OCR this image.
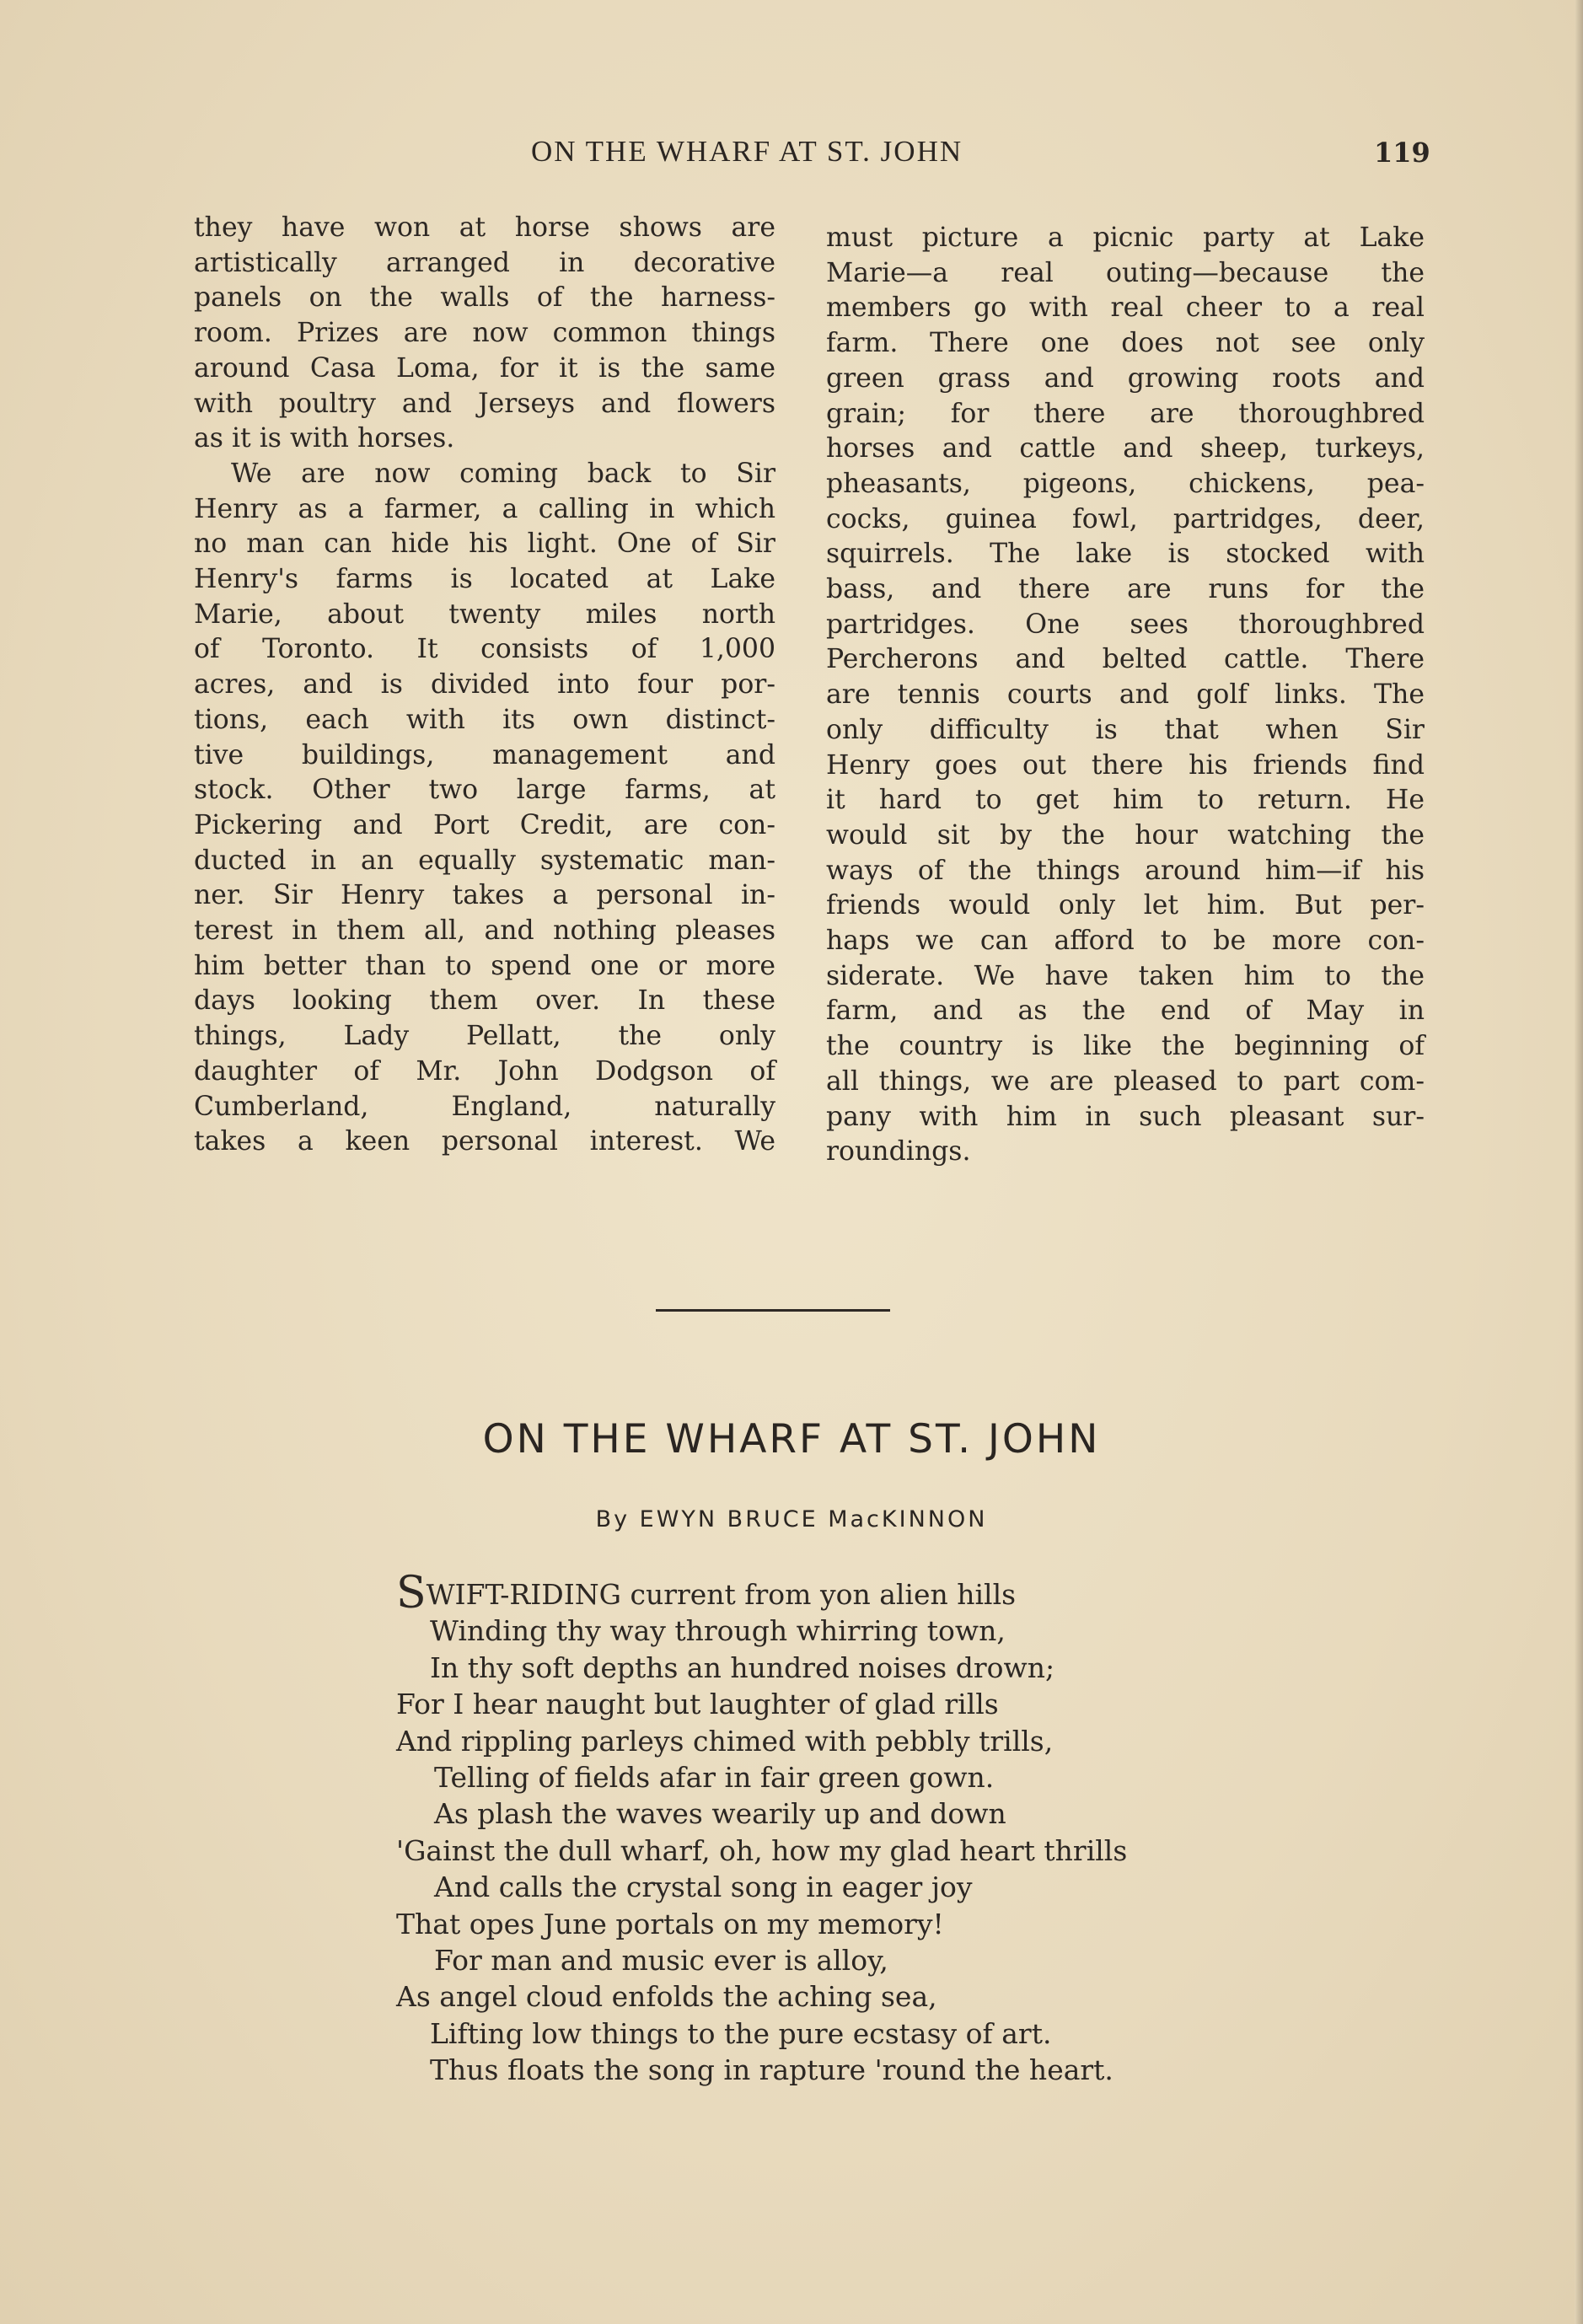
ON THE WHARF AT ST. JOHN	119
they have won at horse shows are
artistically arranged in decorative
panels on the walls of the harness-
room. Prizes are now common things
around Casa Loma, for it is the same
with poultry and Jerseys and flowers
as it is with horses.
We are now coming back to Sir
Henry as a farmer, a calling in which
no man can hide his light. One of Sir
Henry's farms is located at Lake
Marie, about twenty miles north
of Toronto. It consists of 1,000
acres, and is divided into four por-
tions, each with its own distinct-
tive buildings, management and
stock. Other two large farms, at
Pickering and Port Credit, are con-
ducted in an equally systematic man-
ner. Sir Henry takes a personal in-
terest in them all, and nothing pleases
him better than to spend one or more
days looking them over. In these
things, Lady Pellatt, the only
daughter of Mr. John Dodgson of
Cumberland, England, naturally
takes a keen personal interest. We
must picture a picnic party at Lake
Marie—a real outing—because the
members go with real cheer to a real
farm. There one does not see only
green grass and growing roots and
grain; for there are thoroughbred
horses and cattle and sheep, turkeys,
pheasants, pigeons, chickens, pea-
cocks, guinea fowl, partridges, deer,
squirrels. The lake is stocked with
bass, and there are runs for the
partridges. One sees thoroughbred
Percherons and belted cattle. There
are tennis courts and golf links. The
only difficulty is that when Sir
Henry goes out there his friends find
it hard to get him to return. He
would sit by the hour watching the
ways of the things around him—if his
friends would only let him. But per-
haps we can afford to be more con-
siderate. We have taken him to the
farm, and as the end of May in
the country is like the beginning of
all things, we are pleased to part com-
pany with him in such pleasant sur-
roundings.
ON THE WHARF AT ST. JOHN
By EWYN BRUCE MacKINNON
SWIFT-RIDING current from yon alien hills
Winding thy way through whirring town,
In thy soft depths an hundred noises drown;
For I hear naught but laughter of glad rills
And rippling parleys chimed with pebbly trills,
Telling of fields afar in fair green gown.
As plash the waves wearily up and down
'Gainst the dull wharf, oh, how my glad heart thrills
And calls the crystal song in eager joy
That opes June portals on my memory!
For man and music ever is alloy,
As angel cloud enfolds the aching sea,
Lifting low things to the pure ecstasy of art.
Thus floats the song in rapture 'round the heart.
